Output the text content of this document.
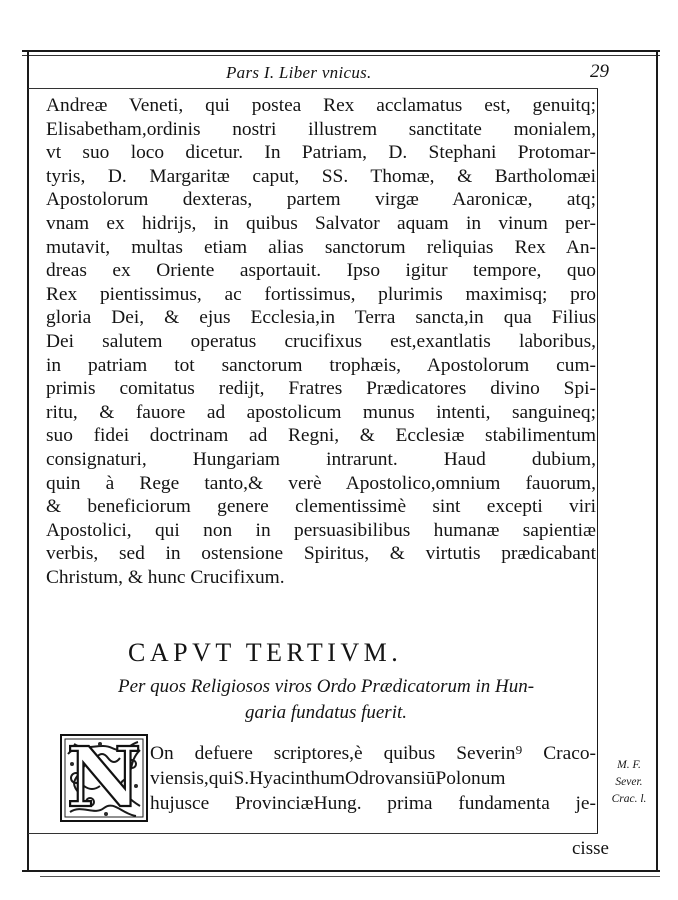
Pars I. Liber vnicus.	29
Andreæ Veneti, qui postea Rex acclamatus est, genuitq;
Elisabetham,ordinis nostri illustrem sanctitate monialem,
vt suo loco dicetur. In Patriam, D. Stephani Protomar-
tyris, D. Margaritæ caput, SS. Thomæ, & Bartholomæi
Apostolorum dexteras, partem virgæ Aaronicæ, atq;
vnam ex hidrijs, in quibus Salvator aquam in vinum per-
mutavit, multas etiam alias sanctorum reliquias Rex An-
dreas ex Oriente asportauit. Ipso igitur tempore, quo
Rex pientissimus, ac fortissimus, plurimis maximisq; pro
gloria Dei, & ejus Ecclesia,in Terra sancta,in qua Filius
Dei salutem operatus crucifixus est,exantlatis laboribus,
in patriam tot sanctorum trophæis, Apostolorum cum-
primis comitatus redijt, Fratres Prædicatores divino Spi-
ritu, & fauore ad apostolicum munus intenti, sanguineq;
suo fidei doctrinam ad Regni, & Ecclesiæ stabilimentum
consignaturi, Hungariam intrarunt. Haud dubium,
quin à Rege tanto,& verè Apostolico,omnium fauorum,
& beneficiorum genere clementissimè sint excepti viri
Apostolici, qui non in persuasibilibus humanæ sapientiæ
verbis, sed in ostensione Spiritus, & virtutis prædicabant
Christum, & hunc Crucifixum.
CAPVT TERTIVM.
Per quos Religiosos viros Ordo Prædicatorum in Hun-
garia fundatus fuerit.
N On defuere scriptores,è quibus Severin⁹ Craco-
viensis,quiS.HyacinthumOdrovansiūPolonum
hujusce ProvinciæHung. prima fundamenta je-
M. F.
Sever.
Crac. l.
cisse
